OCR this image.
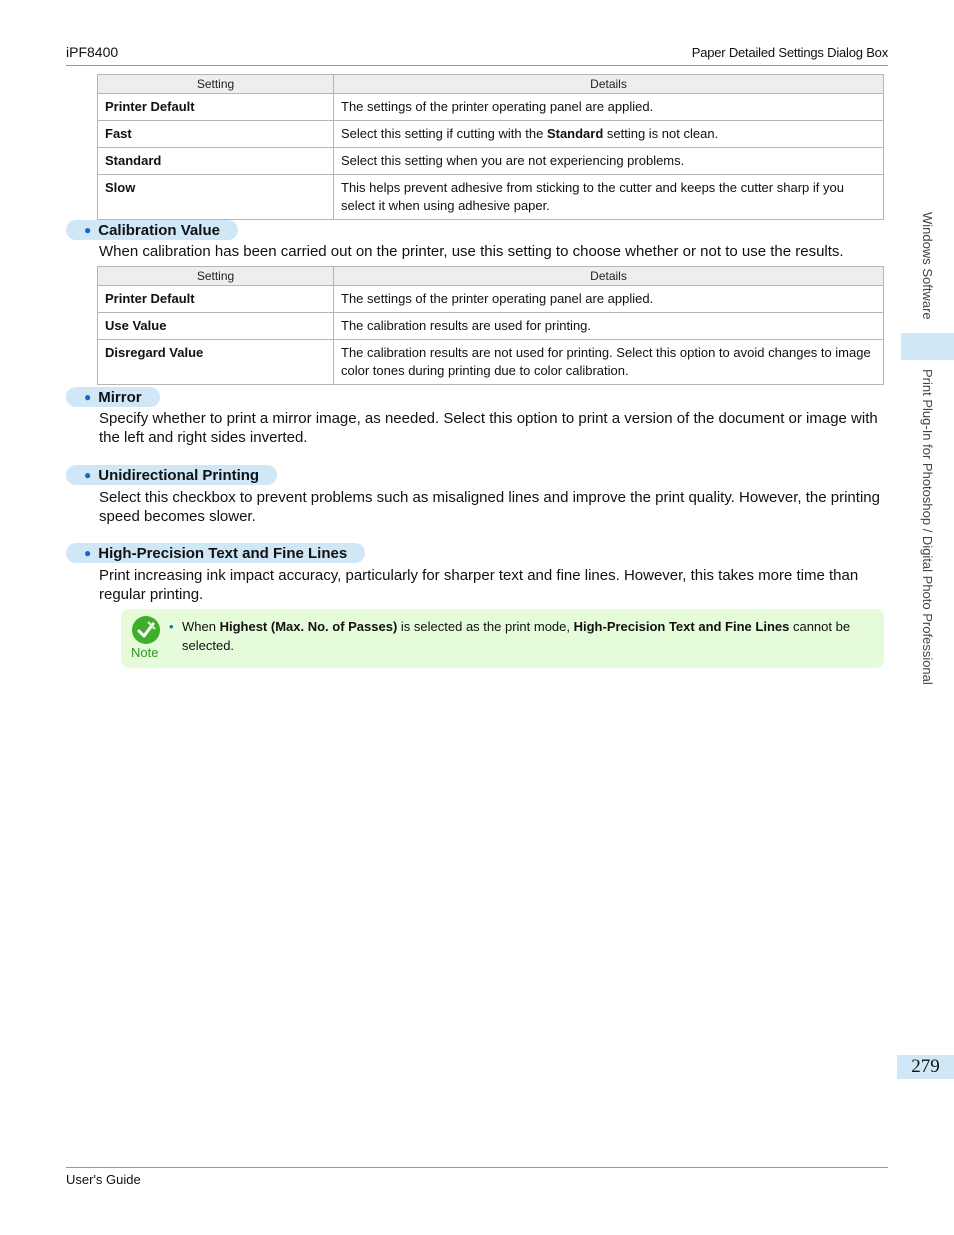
iPF8400	Paper Detailed Settings Dialog Box
Setting	Details
Printer Default	The settings of the printer operating panel are applied.
Fast	Select this setting if cutting with the Standard setting is not clean.
Standard	Select this setting when you are not experiencing problems.
Slow	This helps prevent adhesive from sticking to the cutter and keeps the cutter sharp if you select it when using adhesive paper.
● Calibration Value
When calibration has been carried out on the printer, use this setting to choose whether or not to use the results.
Setting	Details
Printer Default	The settings of the printer operating panel are applied.
Use Value	The calibration results are used for printing.
Disregard Value	The calibration results are not used for printing. Select this option to avoid changes to image color tones during printing due to color calibration.
● Mirror
Specify whether to print a mirror image, as needed. Select this option to print a version of the document or image with the left and right sides inverted.
● Unidirectional Printing
Select this checkbox to prevent problems such as misaligned lines and improve the print quality. However, the printing speed becomes slower.
● High-Precision Text and Fine Lines
Print increasing ink impact accuracy, particularly for sharper text and fine lines. However, this takes more time than regular printing.
Note
• When Highest (Max. No. of Passes) is selected as the print mode, High-Precision Text and Fine Lines cannot be selected.
Windows Software
Print Plug-In for Photoshop / Digital Photo Professional
279
User's Guide
